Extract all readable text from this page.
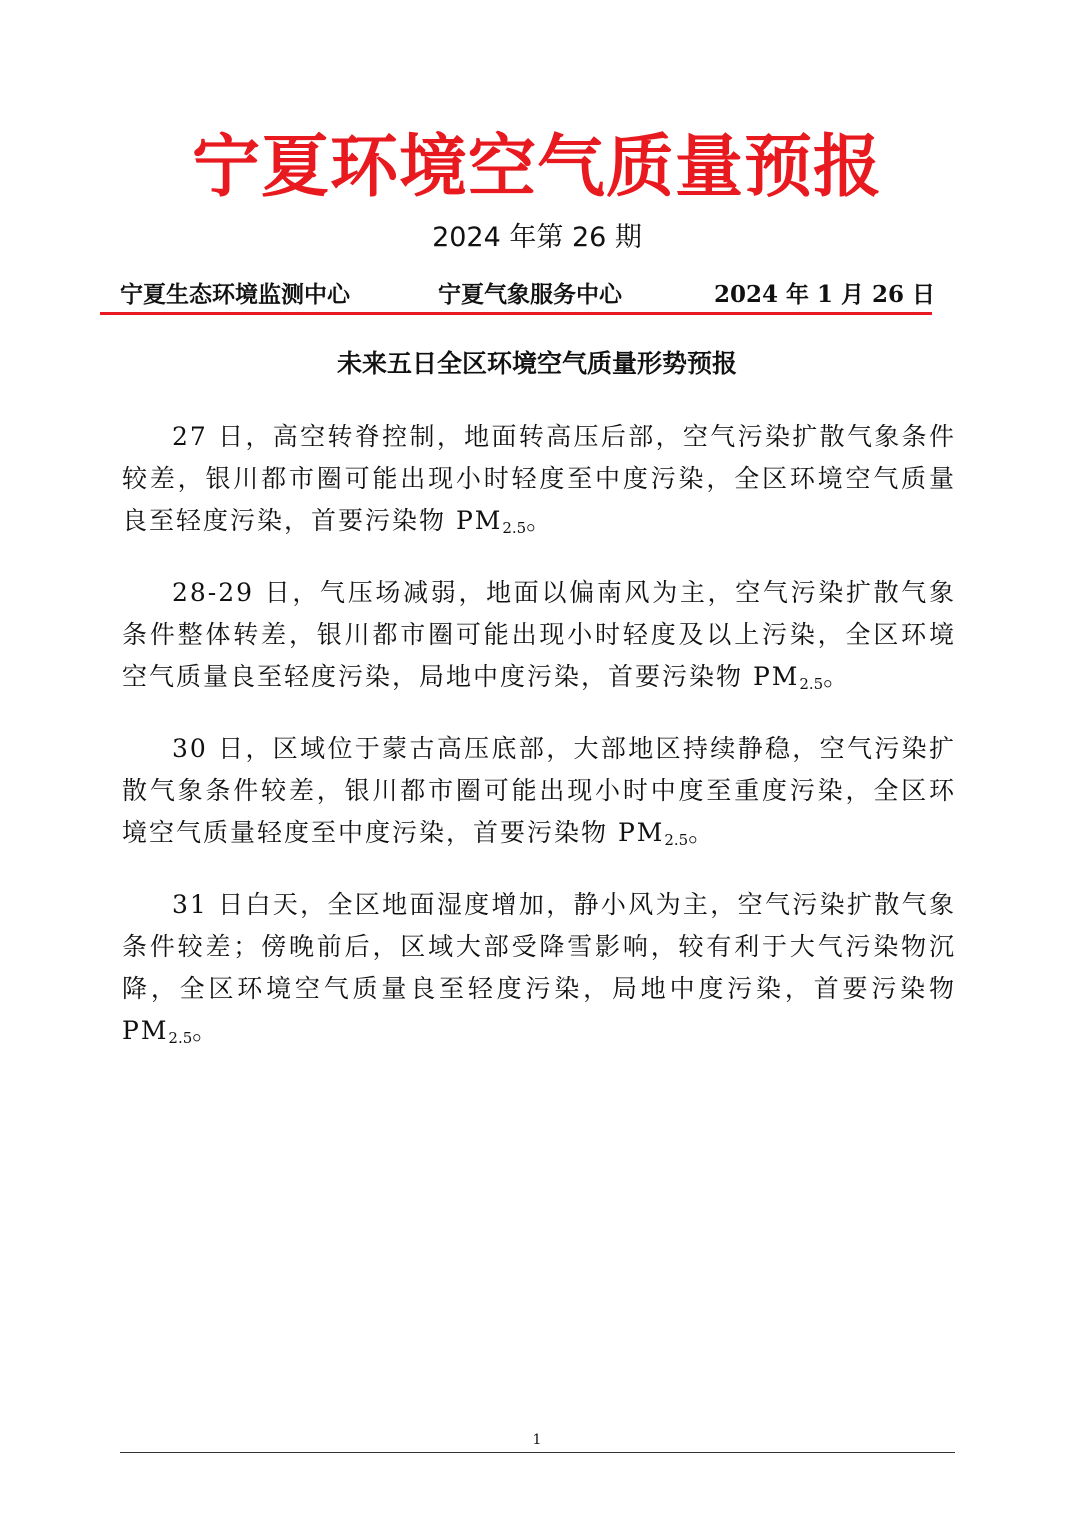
宁夏环境空气质量预报
2024 年第 26 期
宁夏生态环境监测中心	宁夏气象服务中心	2024 年 1 月 26 日
未来五日全区环境空气质量形势预报

27 日，高空转脊控制，地面转高压后部，空气污染扩散气象条件较差，银川都市圈可能出现小时轻度至中度污染，全区环境空气质量良至轻度污染，首要污染物 $PM_{2.5}$。

28-29 日，气压场减弱，地面以偏南风为主，空气污染扩散气象条件整体转差，银川都市圈可能出现小时轻度及以上污染，全区环境空气质量良至轻度污染，局地中度污染，首要污染物 $PM_{2.5}$。

30 日，区域位于蒙古高压底部，大部地区持续静稳，空气污染扩散气象条件较差，银川都市圈可能出现小时中度至重度污染，全区环境空气质量轻度至中度污染，首要污染物 $PM_{2.5}$。

31 日白天，全区地面湿度增加，静小风为主，空气污染扩散气象条件较差；傍晚前后，区域大部受降雪影响，较有利于大气污染物沉降，全区环境空气质量良至轻度污染，局地中度污染，首要污染物 $PM_{2.5}$。

1
